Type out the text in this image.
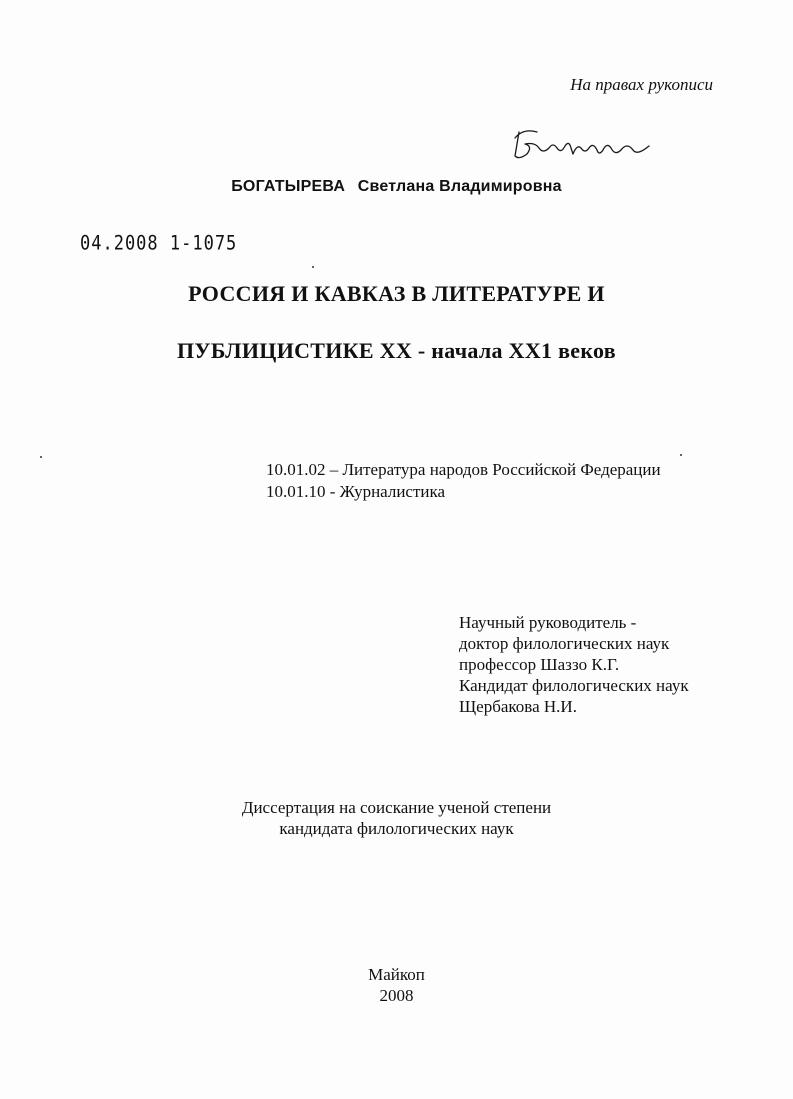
На правах рукописи
БОГАТЫРЕВА Светлана Владимировна
04.2008 1-1075
РОССИЯ И КАВКАЗ В ЛИТЕРАТУРЕ И
ПУБЛИЦИСТИКЕ XX - начала XX1 веков
10.01.02 – Литература народов Российской Федерации
10.01.10 - Журналистика
Научный руководитель -
доктор филологических наук
профессор Шаззо К.Г.
Кандидат филологических наук
Щербакова Н.И.
Диссертация на соискание ученой степени
кандидата филологических наук
Майкоп
2008
